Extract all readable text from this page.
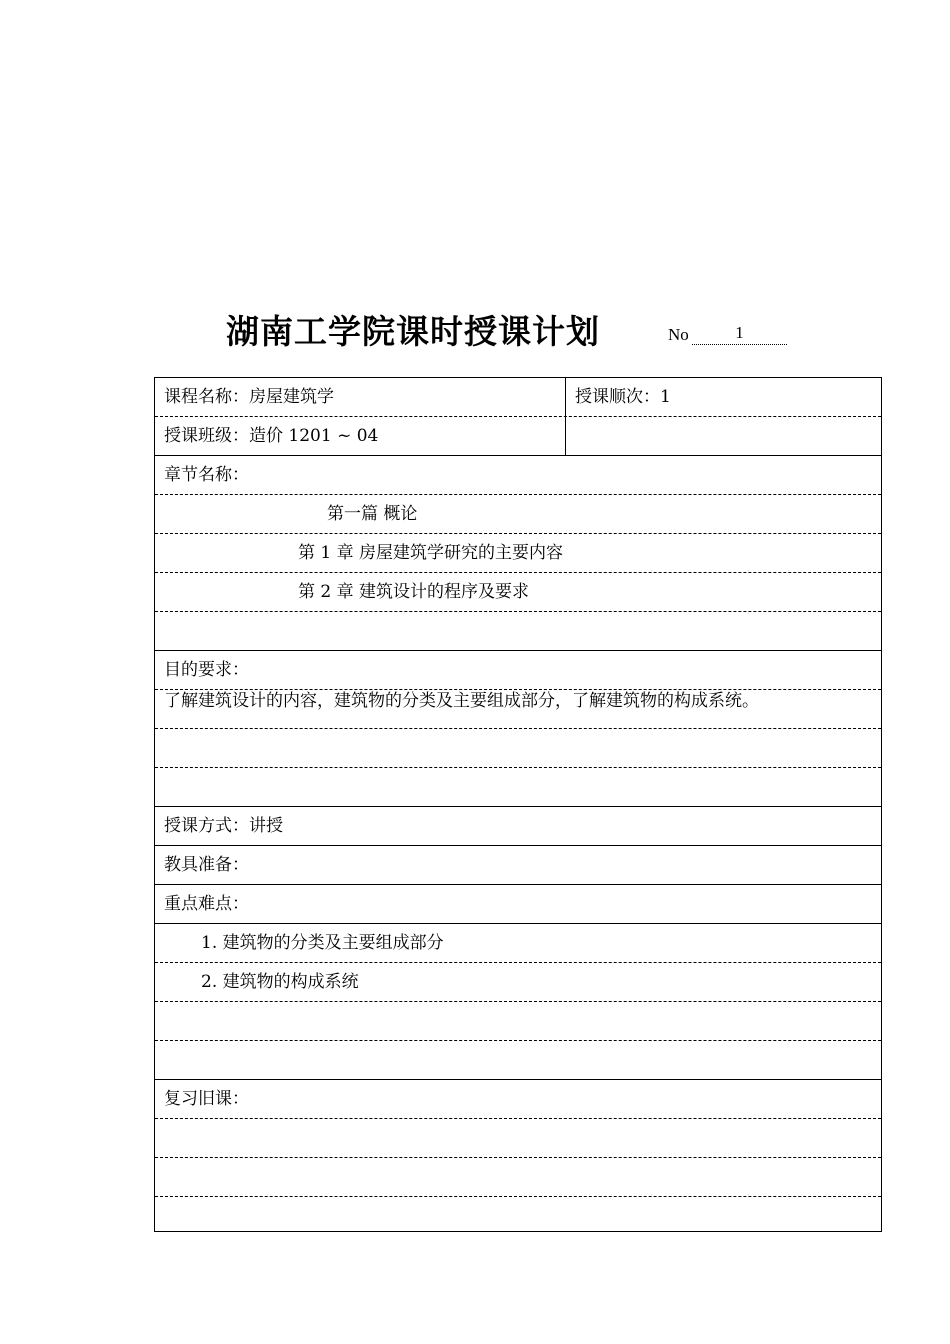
湖南工学院课时授课计划	No	1
课程名称：房屋建筑学	授课顺次：1
授课班级：造价 1201 ~ 04
章节名称：
第一篇 概论
第 1 章 房屋建筑学研究的主要内容
第 2 章 建筑设计的程序及要求
目的要求：
了解建筑设计的内容，建筑物的分类及主要组成部分，了解建筑物的构成系统。
授课方式：讲授
教具准备：
重点难点：
1. 建筑物的分类及主要组成部分
2. 建筑物的构成系统
复习旧课：
